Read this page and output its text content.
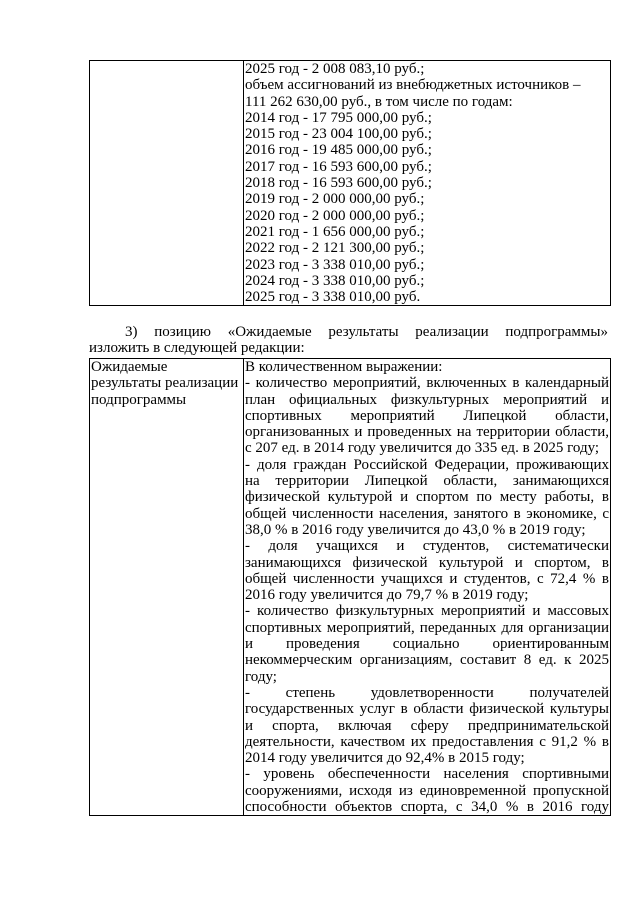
2025 год - 2 008 083,10 руб.;
объем ассигнований из внебюджетных источников –
111 262 630,00 руб., в том числе по годам:
2014 год - 17 795 000,00 руб.;
2015 год - 23 004 100,00 руб.;
2016 год - 19 485 000,00 руб.;
2017 год - 16 593 600,00 руб.;
2018 год - 16 593 600,00 руб.;
2019 год - 2 000 000,00 руб.;
2020 год - 2 000 000,00 руб.;
2021 год - 1 656 000,00 руб.;
2022 год - 2 121 300,00 руб.;
2023 год - 3 338 010,00 руб.;
2024 год - 3 338 010,00 руб.;
2025 год - 3 338 010,00 руб.
3) позицию «Ожидаемые результаты реализации подпрограммы»
изложить в следующей редакции:
Ожидаемые
результаты реализации
подпрограммы

В количественном выражении:
- количество мероприятий, включенных в календарный
план официальных физкультурных мероприятий и
спортивных мероприятий Липецкой области,
организованных и проведенных на территории области,
с 207 ед. в 2014 году увеличится до 335 ед. в 2025 году;
- доля граждан Российской Федерации, проживающих
на территории Липецкой области, занимающихся
физической культурой и спортом по месту работы, в
общей численности населения, занятого в экономике, с
38,0 % в 2016 году увеличится до 43,0 % в 2019 году;
- доля учащихся и студентов, систематически
занимающихся физической культурой и спортом, в
общей численности учащихся и студентов, с 72,4 % в
2016 году увеличится до 79,7 % в 2019 году;
- количество физкультурных мероприятий и массовых
спортивных мероприятий, переданных для организации
и проведения социально ориентированным
некоммерческим организациям, составит 8 ед. к 2025
году;
- степень удовлетворенности получателей
государственных услуг в области физической культуры
и спорта, включая сферу предпринимательской
деятельности, качеством их предоставления с 91,2 % в
2014 году увеличится до 92,4% в 2015 году;
- уровень обеспеченности населения спортивными
сооружениями, исходя из единовременной пропускной
способности объектов спорта, с 34,0 % в 2016 году
